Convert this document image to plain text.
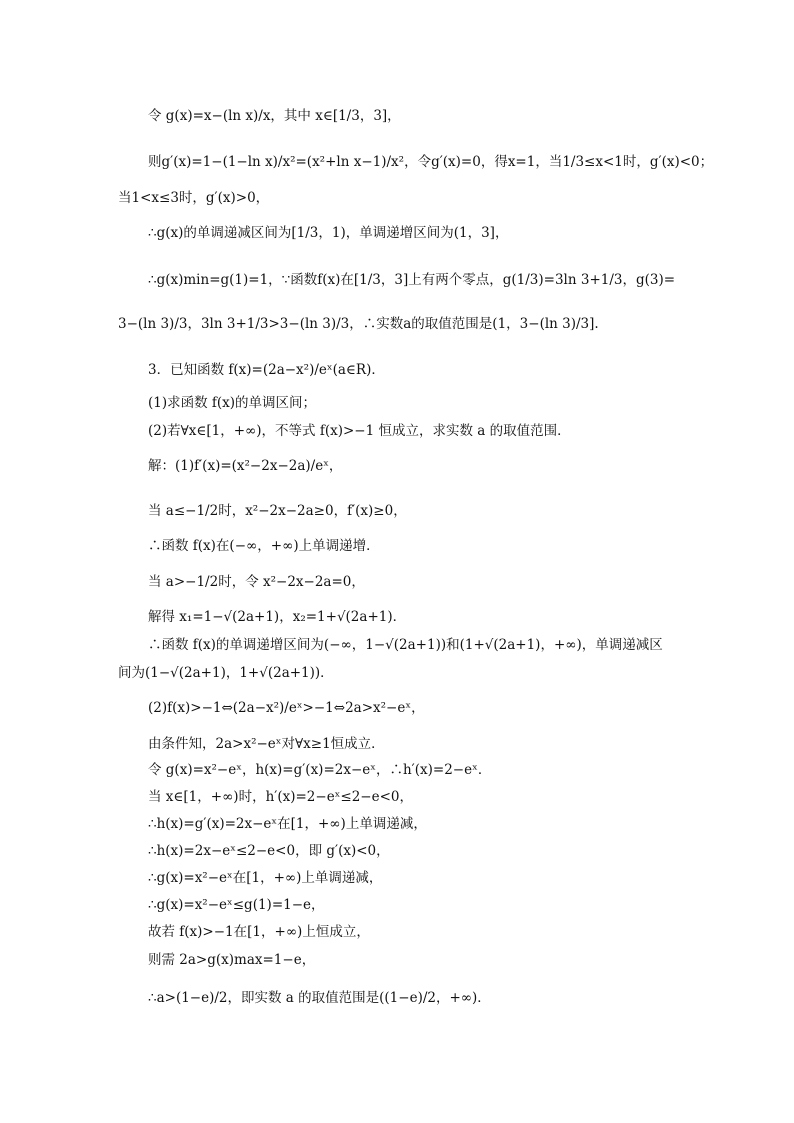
令 g(x)=x−(ln x)/x，其中 x∈[1/3，3]，
则g′(x)=1−(1−ln x)/x²=(x²+ln x−1)/x²，令g′(x)=0，得x=1，当1/3≤x<1时，g′(x)<0；
当1<x≤3时，g′(x)>0，
∴g(x)的单调递减区间为[1/3，1)，单调递增区间为(1，3]，
∴g(x)min=g(1)=1，∵函数f(x)在[1/3，3]上有两个零点，g(1/3)=3ln 3+1/3，g(3)=
3−(ln 3)/3，3ln 3+1/3>3−(ln 3)/3，∴实数a的取值范围是(1，3−(ln 3)/3].
3．已知函数 f(x)=(2a−x²)/eˣ(a∈R)．
(1)求函数 f(x)的单调区间；
(2)若∀x∈[1，+∞)，不等式 f(x)>−1 恒成立，求实数 a 的取值范围．
解：(1)f′(x)=(x²−2x−2a)/eˣ，
当 a≤−1/2时，x²−2x−2a≥0，f′(x)≥0，
∴函数 f(x)在(−∞，+∞)上单调递增．
当 a>−1/2时，令 x²−2x−2a=0，
解得 x₁=1−√(2a+1)，x₂=1+√(2a+1)．
∴函数 f(x)的单调递增区间为(−∞，1−√(2a+1))和(1+√(2a+1)，+∞)，单调递减区
间为(1−√(2a+1)，1+√(2a+1))．
(2)f(x)>−1⇔(2a−x²)/eˣ>−1⇔2a>x²−eˣ，
由条件知，2a>x²−eˣ对∀x≥1恒成立．
令 g(x)=x²−eˣ，h(x)=g′(x)=2x−eˣ，∴h′(x)=2−eˣ．
当 x∈[1，+∞)时，h′(x)=2−eˣ≤2−e<0，
∴h(x)=g′(x)=2x−eˣ在[1，+∞)上单调递减，
∴h(x)=2x−eˣ≤2−e<0，即 g′(x)<0，
∴g(x)=x²−eˣ在[1，+∞)上单调递减，
∴g(x)=x²−eˣ≤g(1)=1−e，
故若 f(x)>−1在[1，+∞)上恒成立，
则需 2a>g(x)max=1−e，
∴a>(1−e)/2，即实数 a 的取值范围是((1−e)/2，+∞)．
